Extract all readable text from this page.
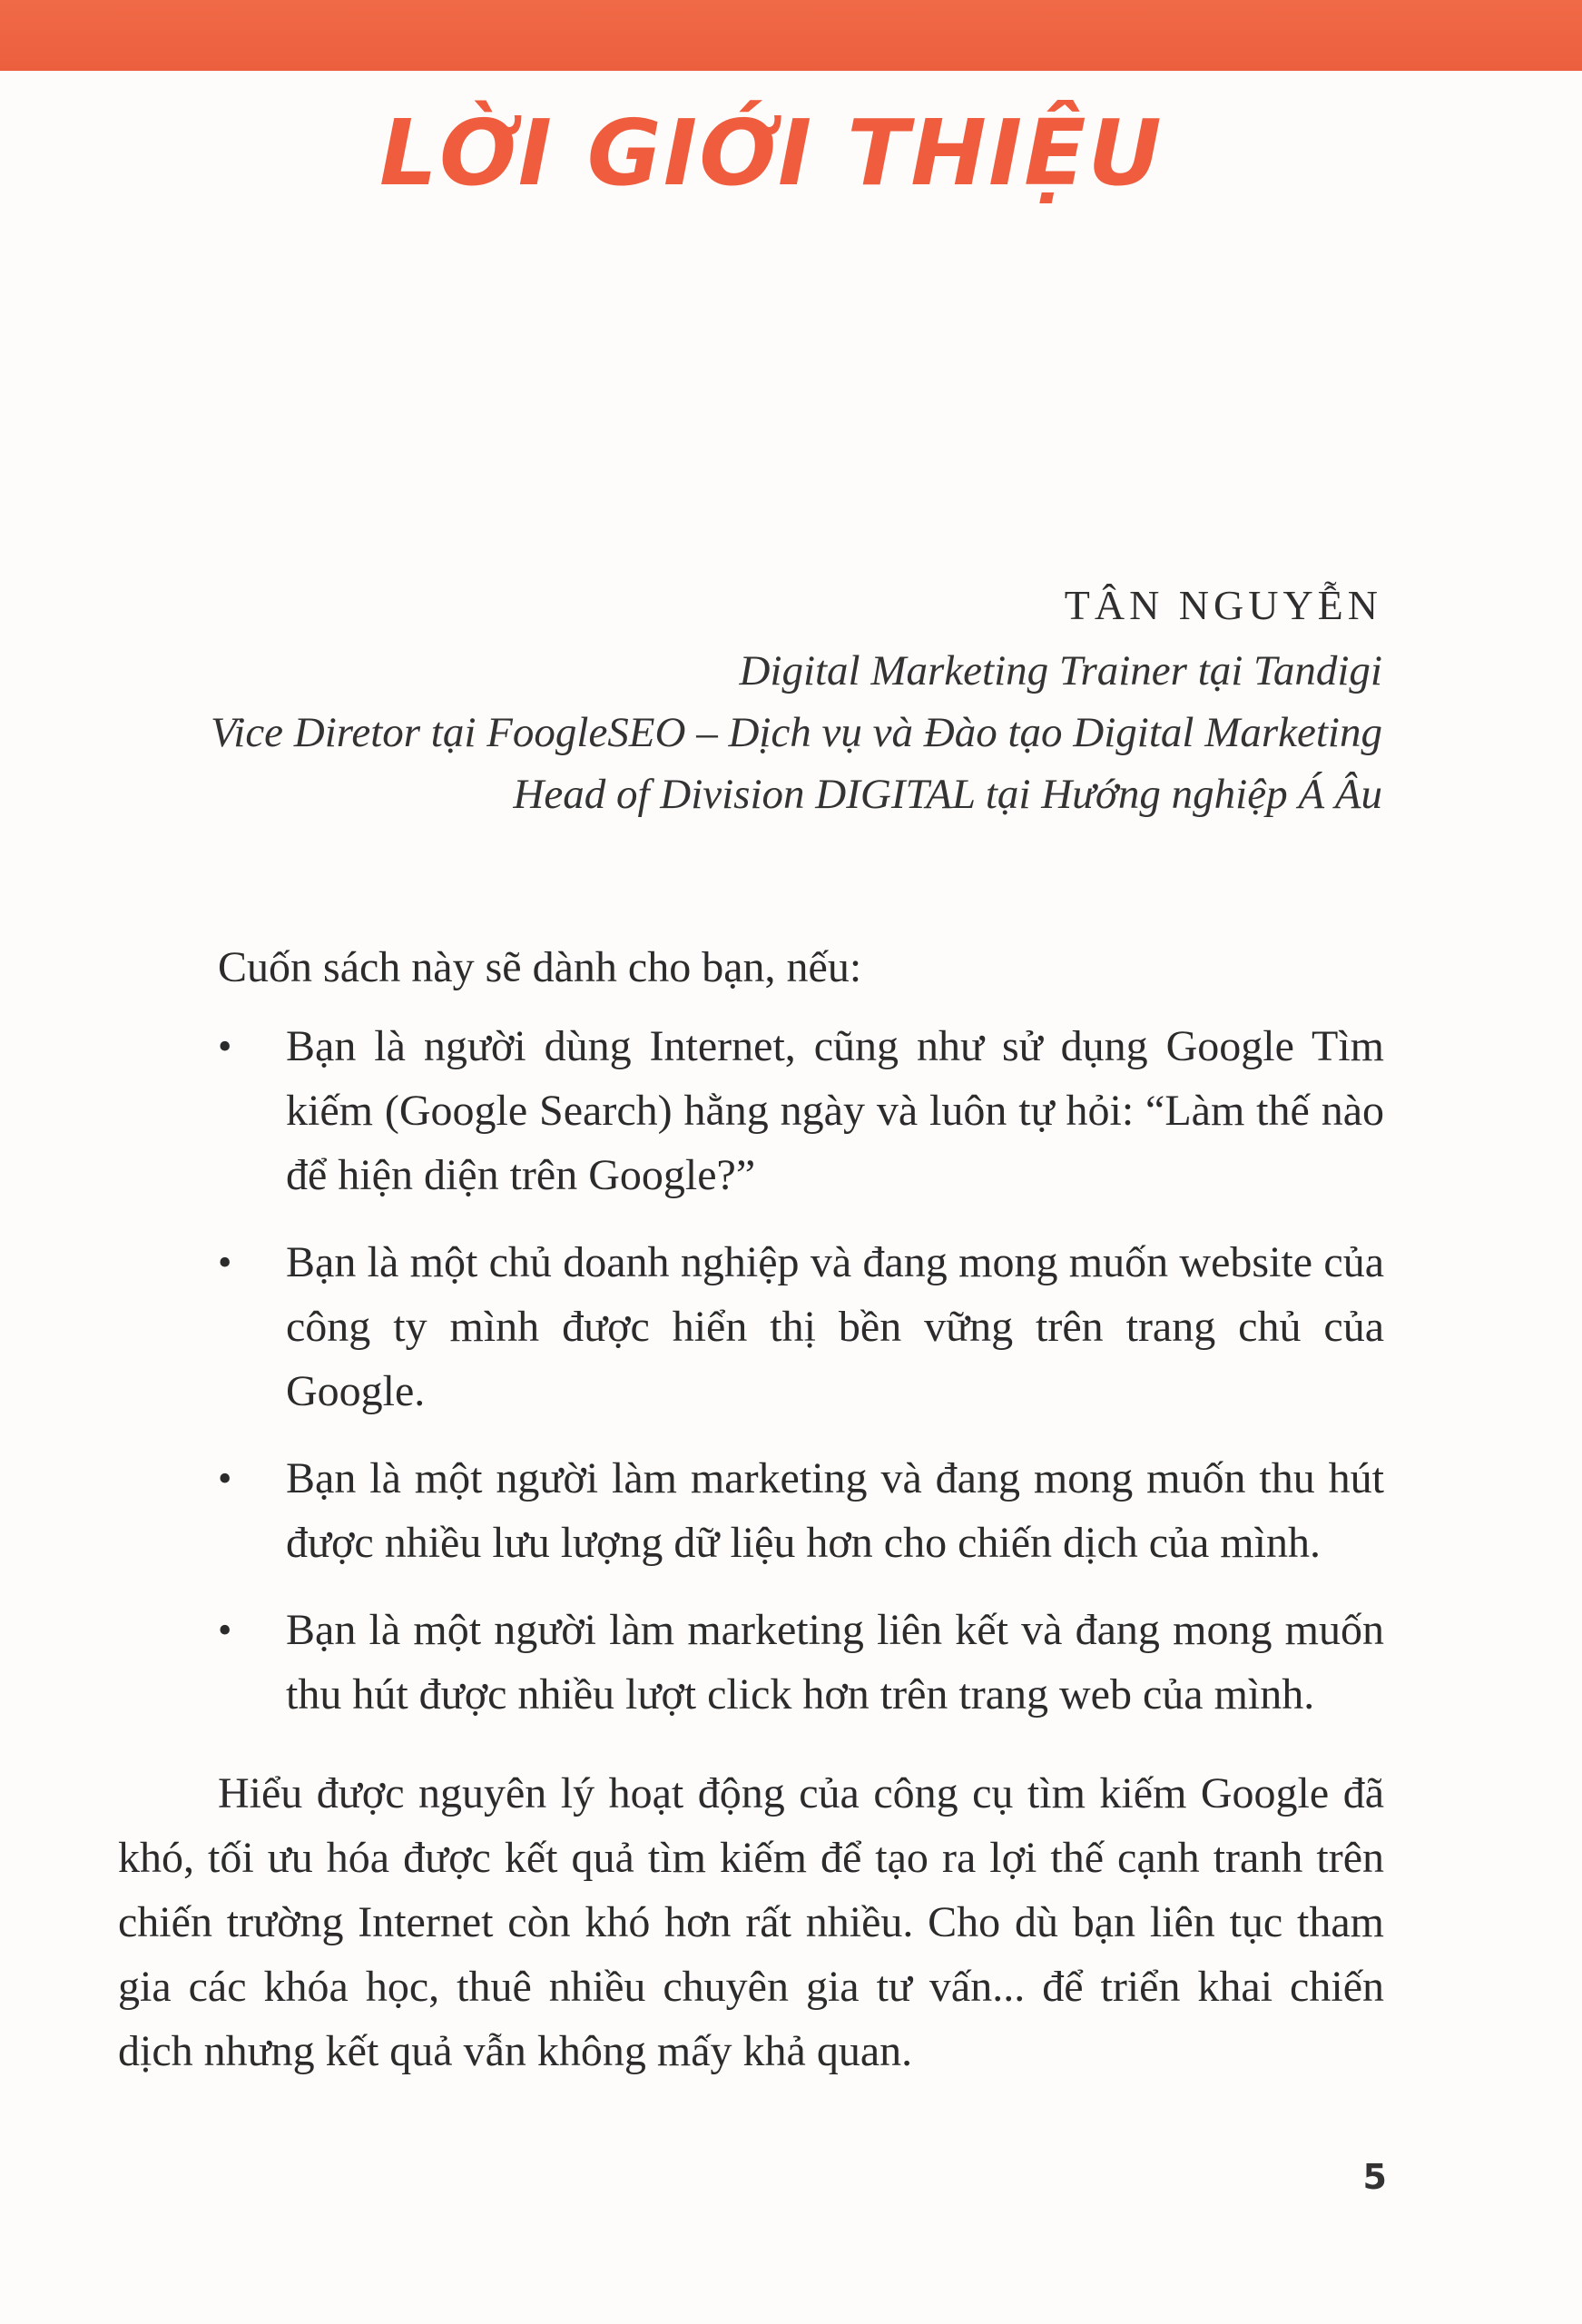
LỜI GIỚI THIỆU

TÂN NGUYỄN

Digital Marketing Trainer tại Tandigi

Vice Diretor tại FoogleSEO – Dịch vụ và Đào tạo Digital Marketing

Head of Division DIGITAL tại Hướng nghiệp Á Âu

Cuốn sách này sẽ dành cho bạn, nếu:

• Bạn là người dùng Internet, cũng như sử dụng Google Tìm kiếm (Google Search) hằng ngày và luôn tự hỏi: “Làm thế nào để hiện diện trên Google?”
• Bạn là một chủ doanh nghiệp và đang mong muốn website của công ty mình được hiển thị bền vững trên trang chủ của Google.
• Bạn là một người làm marketing và đang mong muốn thu hút được nhiều lưu lượng dữ liệu hơn cho chiến dịch của mình.
• Bạn là một người làm marketing liên kết và đang mong muốn thu hút được nhiều lượt click hơn trên trang web của mình.

Hiểu được nguyên lý hoạt động của công cụ tìm kiếm Google đã khó, tối ưu hóa được kết quả tìm kiếm để tạo ra lợi thế cạnh tranh trên chiến trường Internet còn khó hơn rất nhiều. Cho dù bạn liên tục tham gia các khóa học, thuê nhiều chuyên gia tư vấn... để triển khai chiến dịch nhưng kết quả vẫn không mấy khả quan.

5
